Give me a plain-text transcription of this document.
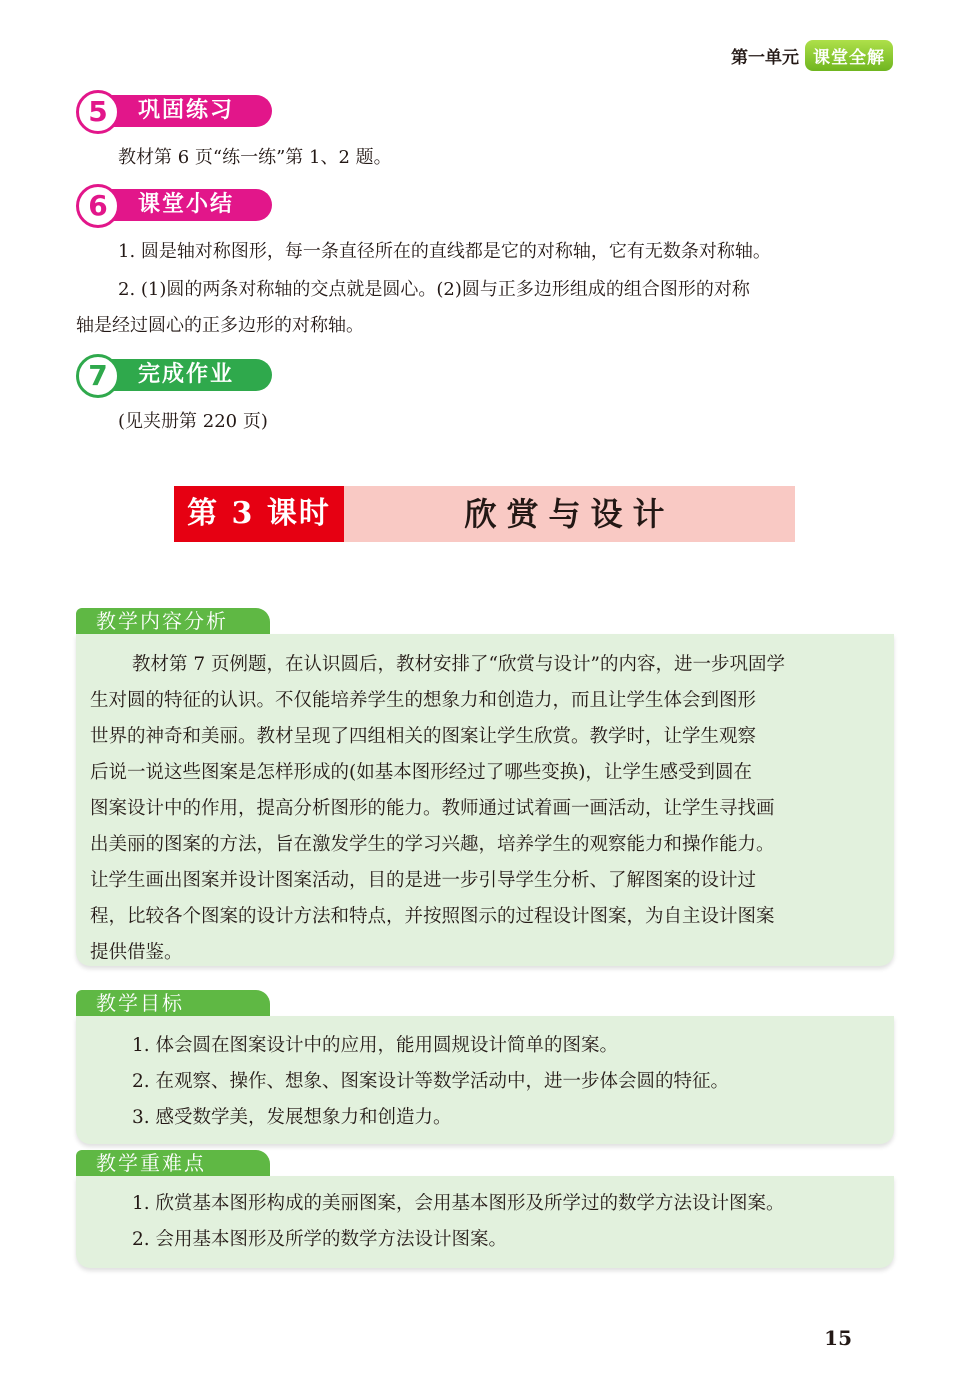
第一单元 课堂全解
5	巩固练习
教材第 6 页“练一练”第 1、2 题。
6	课堂小结
1. 圆是轴对称图形，每一条直径所在的直线都是它的对称轴，它有无数条对称轴。
2. (1)圆的两条对称轴的交点就是圆心。(2)圆与正多边形组成的组合图形的对称
轴是经过圆心的正多边形的对称轴。
7	完成作业
(见夹册第 220 页)
第 3 课时	欣赏与设计
教学内容分析
教材第 7 页例题，在认识圆后，教材安排了“欣赏与设计”的内容，进一步巩固学
生对圆的特征的认识。不仅能培养学生的想象力和创造力，而且让学生体会到图形
世界的神奇和美丽。教材呈现了四组相关的图案让学生欣赏。教学时，让学生观察
后说一说这些图案是怎样形成的(如基本图形经过了哪些变换)，让学生感受到圆在
图案设计中的作用，提高分析图形的能力。教师通过试着画一画活动，让学生寻找画
出美丽的图案的方法，旨在激发学生的学习兴趣，培养学生的观察能力和操作能力。
让学生画出图案并设计图案活动，目的是进一步引导学生分析、了解图案的设计过
程，比较各个图案的设计方法和特点，并按照图示的过程设计图案，为自主设计图案
提供借鉴。
教学目标
1. 体会圆在图案设计中的应用，能用圆规设计简单的图案。
2. 在观察、操作、想象、图案设计等数学活动中，进一步体会圆的特征。
3. 感受数学美，发展想象力和创造力。
教学重难点
1. 欣赏基本图形构成的美丽图案，会用基本图形及所学过的数学方法设计图案。
2. 会用基本图形及所学的数学方法设计图案。
15
